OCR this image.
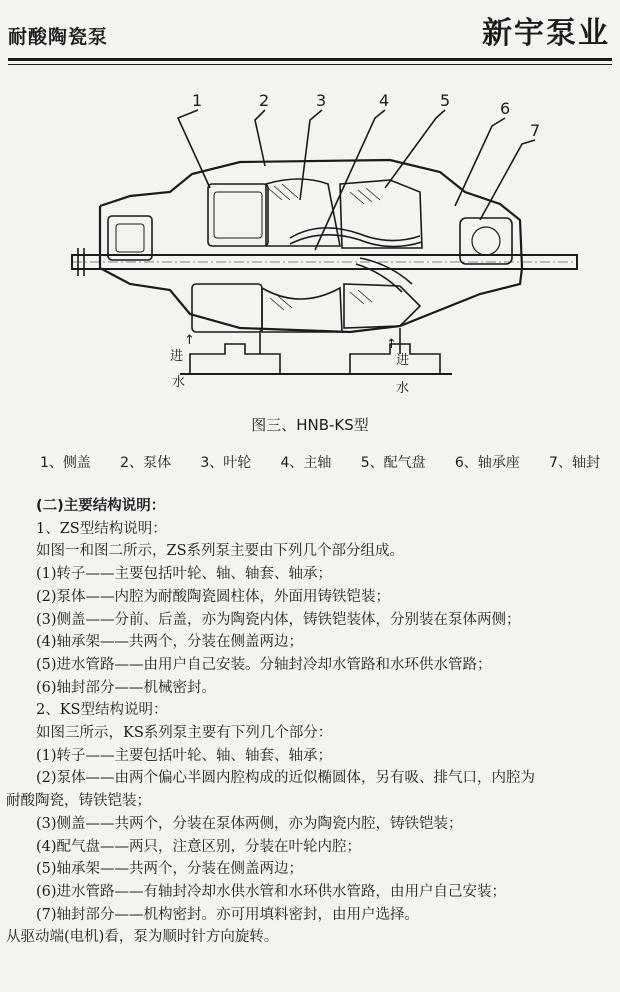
耐酸陶瓷泵	新宇泵业
1	2	3	4	5	6
7
↑
进
水
↑
进
水
图三、HNB-KS型
1、侧盖 2、泵体 3、叶轮 4、主轴 5、配气盘 6、轴承座 7、轴封

(二)主要结构说明：

1、ZS型结构说明：

如图一和图二所示，ZS系列泵主要由下列几个部分组成。

(1)转子——主要包括叶轮、轴、轴套、轴承；

(2)泵体——内腔为耐酸陶瓷圆柱体，外面用铸铁铠装；

(3)侧盖——分前、后盖，亦为陶瓷内体，铸铁铠装体，分别装在泵体两侧；

(4)轴承架——共两个，分装在侧盖两边；

(5)进水管路——由用户自己安装。分轴封冷却水管路和水环供水管路；

(6)轴封部分——机械密封。

2、KS型结构说明：

如图三所示，KS系列泵主要有下列几个部分：

(1)转子——主要包括叶轮、轴、轴套、轴承；

(2)泵体——由两个偏心半圆内腔构成的近似椭圆体，另有吸、排气口，内腔为

耐酸陶瓷，铸铁铠装；

(3)侧盖——共两个，分装在泵体两侧，亦为陶瓷内腔，铸铁铠装；

(4)配气盘——两只，注意区别，分装在叶轮内腔；

(5)轴承架——共两个，分装在侧盖两边；

(6)进水管路——有轴封冷却水供水管和水环供水管路，由用户自己安装；

(7)轴封部分——机构密封。亦可用填料密封，由用户选择。

从驱动端(电机)看，泵为顺时针方向旋转。
